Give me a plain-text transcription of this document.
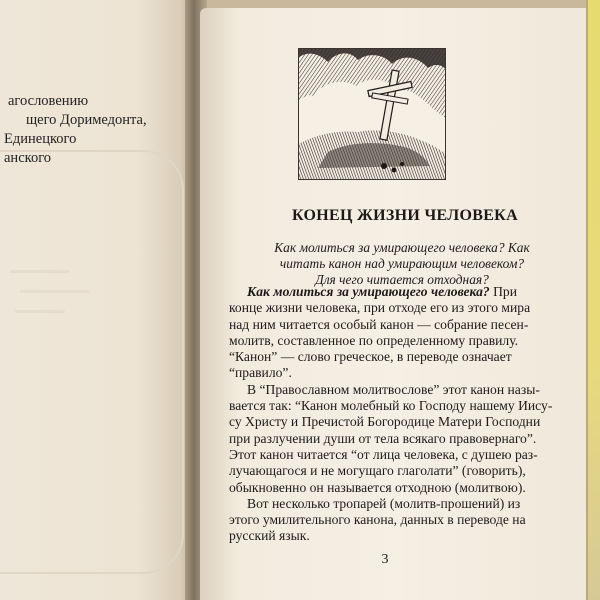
агословению
щего Доримедонта,
Единецкого
анского
КОНЕЦ ЖИЗНИ ЧЕЛОВЕКА
Как молиться за умирающего человека? Как
читать канон над умирающим человеком?
Для чего читается отходная?
Как молиться за умирающего человека? При
конце жизни человека, при отходе его из этого мира
над ним читается особый канон — собрание песен-
молитв, составленное по определенному правилу.
“Канон” — слово греческое, в переводе означает
“правило”.
В “Православном молитвослове” этот канон назы-
вается так: “Канон молебный ко Господу нашему Иису-
су Христу и Пречистой Богородице Матери Господни
при разлучении души от тела всякаго правовернаго”.
Этот канон читается “от лица человека, с душею раз-
лучающагося и не могущаго глаголати” (говорить),
обыкновенно он называется отходною (молитвою).
Вот несколько тропарей (молитв-прошений) из
этого умилительного канона, данных в переводе на
русский язык.
3
